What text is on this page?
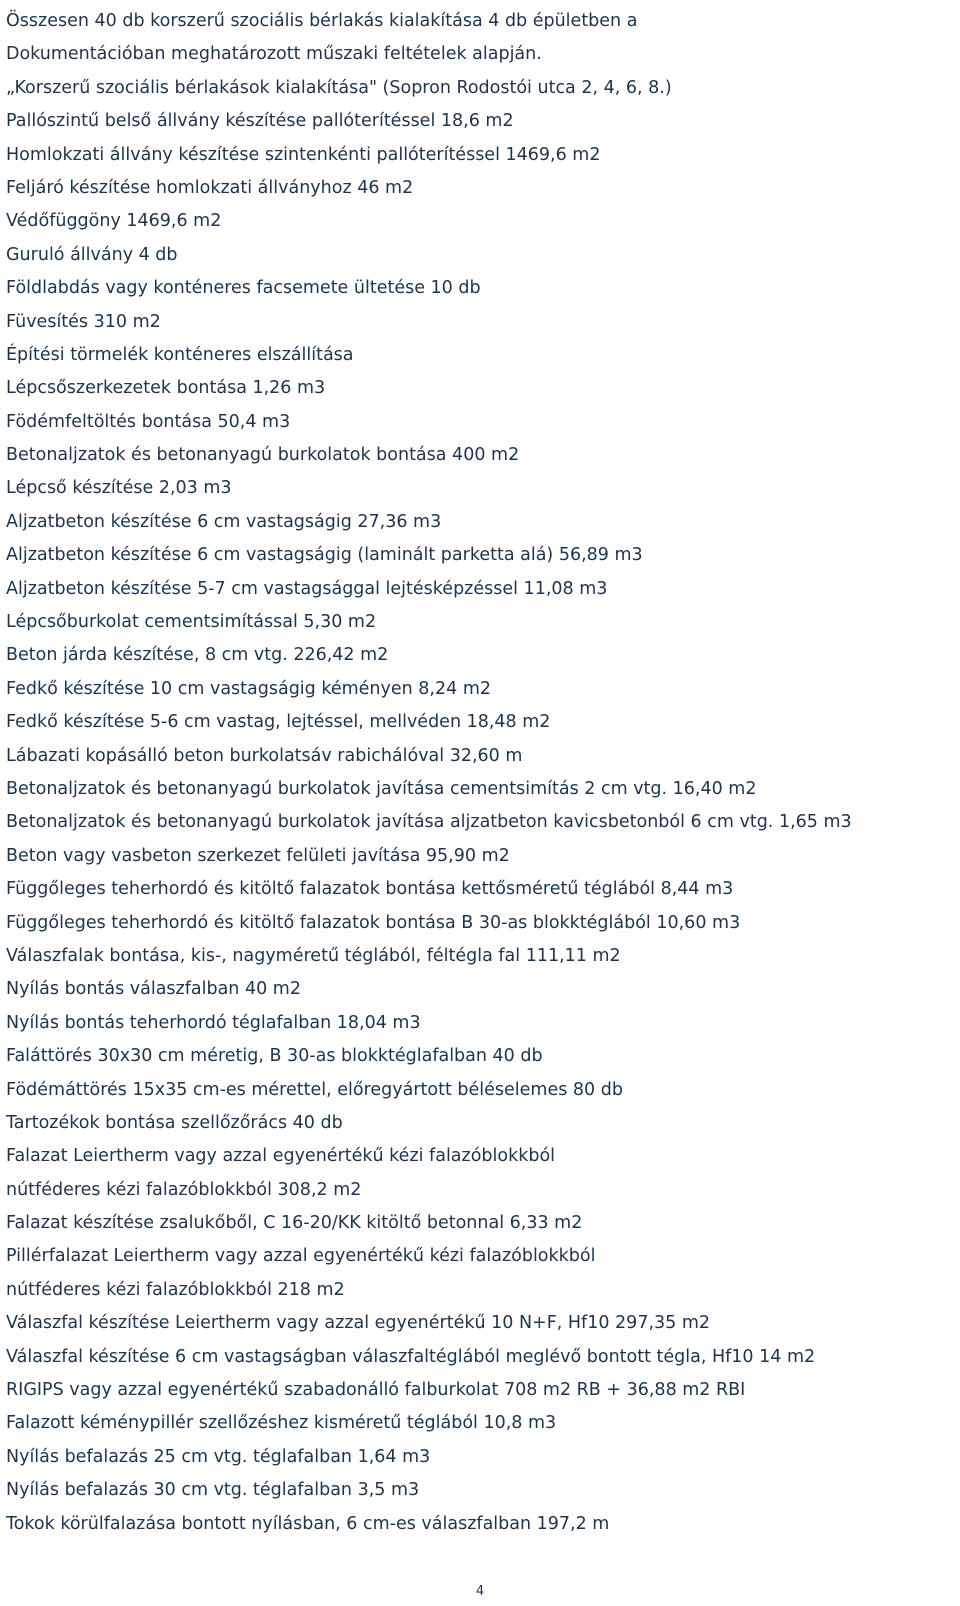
Összesen 40 db korszerű szociális bérlakás kialakítása 4 db épületben a
Dokumentációban meghatározott műszaki feltételek alapján.
„Korszerű szociális bérlakások kialakítása" (Sopron Rodostói utca 2, 4, 6, 8.)
Pallószintű belső állvány készítése pallóterítéssel 18,6 m2
Homlokzati állvány készítése szintenkénti pallóterítéssel 1469,6 m2
Feljáró készítése homlokzati állványhoz 46 m2
Védőfüggöny 1469,6 m2
Guruló állvány 4 db
Földlabdás vagy konténeres facsemete ültetése 10 db
Füvesítés 310 m2
Építési törmelék konténeres elszállítása
Lépcsőszerkezetek bontása 1,26 m3
Födémfeltöltés bontása 50,4 m3
Betonaljzatok és betonanyagú burkolatok bontása 400 m2
Lépcső készítése 2,03 m3
Aljzatbeton készítése 6 cm vastagságig 27,36 m3
Aljzatbeton készítése 6 cm vastagságig (laminált parketta alá) 56,89 m3
Aljzatbeton készítése 5-7 cm vastagsággal lejtésképzéssel 11,08 m3
Lépcsőburkolat cementsimítással 5,30 m2
Beton járda készítése, 8 cm vtg. 226,42 m2
Fedkő készítése 10 cm vastagságig kéményen 8,24 m2
Fedkő készítése 5-6 cm vastag, lejtéssel, mellvéden 18,48 m2
Lábazati kopásálló beton burkolatsáv rabichálóval 32,60 m
Betonaljzatok és betonanyagú burkolatok javítása cementsimítás 2 cm vtg. 16,40 m2
Betonaljzatok és betonanyagú burkolatok javítása aljzatbeton kavicsbetonból 6 cm vtg. 1,65 m3
Beton vagy vasbeton szerkezet felületi javítása 95,90 m2
Függőleges teherhordó és kitöltő falazatok bontása kettősméretű téglából 8,44 m3
Függőleges teherhordó és kitöltő falazatok bontása B 30-as blokktéglából 10,60 m3
Válaszfalak bontása, kis-, nagyméretű téglából, féltégla fal 111,11 m2
Nyílás bontás válaszfalban 40 m2
Nyílás bontás teherhordó téglafalban 18,04 m3
Faláttörés 30x30 cm méretig, B 30-as blokktéglafalban 40 db
Födémáttörés 15x35 cm-es mérettel, előregyártott béléselemes 80 db
Tartozékok bontása szellőzőrács 40 db
Falazat Leiertherm vagy azzal egyenértékű kézi falazóblokkból
nútféderes kézi falazóblokkból 308,2 m2
Falazat készítése zsalukőből, C 16-20/KK kitöltő betonnal 6,33 m2
Pillérfalazat Leiertherm vagy azzal egyenértékű kézi falazóblokkból
nútféderes kézi falazóblokkból 218 m2
Válaszfal készítése Leiertherm vagy azzal egyenértékű 10 N+F, Hf10 297,35 m2
Válaszfal készítése 6 cm vastagságban válaszfaltéglából meglévő bontott tégla, Hf10 14 m2
RIGIPS vagy azzal egyenértékű szabadonálló falburkolat 708 m2 RB + 36,88 m2 RBI
Falazott kéménypillér szellőzéshez kisméretű téglából 10,8 m3
Nyílás befalazás 25 cm vtg. téglafalban 1,64 m3
Nyílás befalazás 30 cm vtg. téglafalban 3,5 m3
Tokok körülfalazása bontott nyílásban, 6 cm-es válaszfalban 197,2 m
4
